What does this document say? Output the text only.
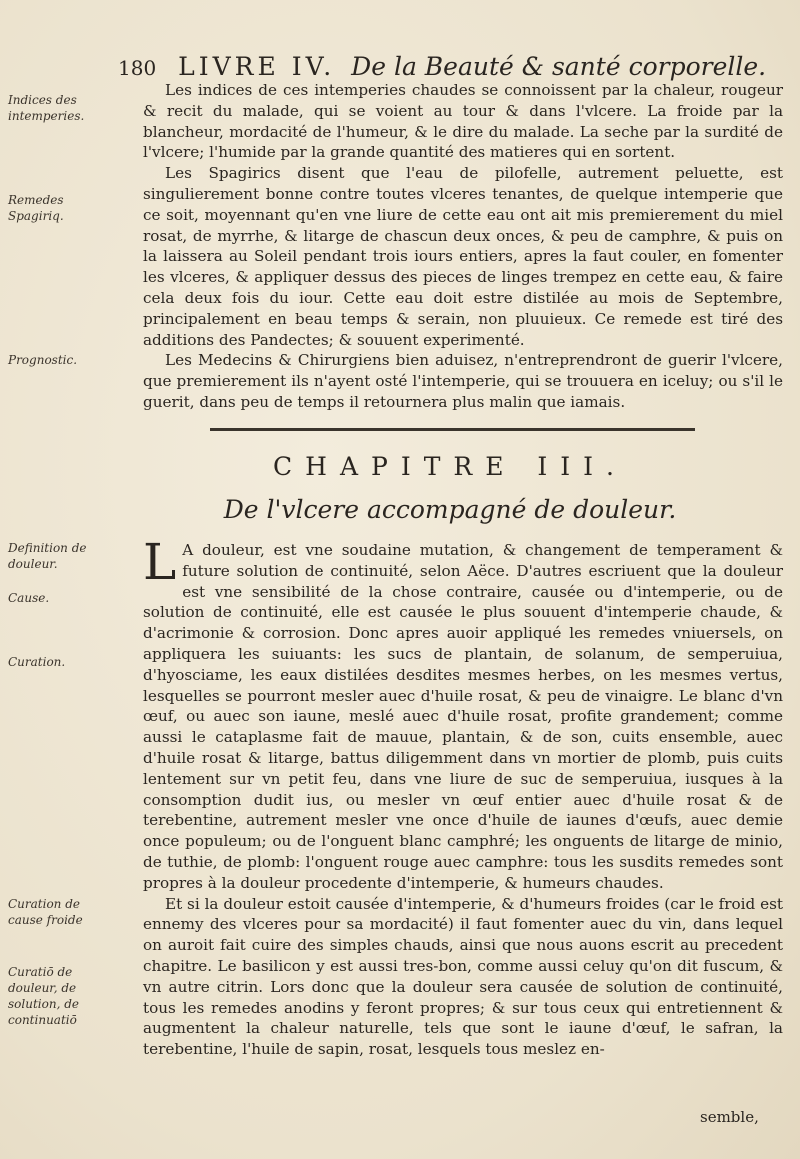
180 LIVRE IV. De la Beauté & santé corporelle.
Indices des intemperies.
Remedes Spagiriq.
Prognostic.

Les indices de ces intemperies chaudes se connoissent par la chaleur, rougeur & recit du malade, qui se voient au tour & dans l'vlcere. La froide par la blancheur, mordacité de l'humeur, & le dire du malade. La seche par la surdité de l'vlcere; l'humide par la grande quantité des matieres qui en sortent.

Les Spagirics disent que l'eau de pilofelle, autrement peluette, est singulierement bonne contre toutes vlceres tenantes, de quelque intemperie que ce soit, moyennant qu'en vne liure de cette eau ont ait mis premierement du miel rosat, de myrrhe, & litarge de chascun deux onces, & peu de camphre, & puis on la laissera au Soleil pendant trois iours entiers, apres la faut couler, en fomenter les vlceres, & appliquer dessus des pieces de linges trempez en cette eau, & faire cela deux fois du iour. Cette eau doit estre distilée au mois de Septembre, principalement en beau temps & serain, non pluuieux. Ce remede est tiré des additions des Pandectes; & souuent experimenté.

Les Medecins & Chirurgiens bien aduisez, n'entreprendront de guerir l'vlcere, que premierement ils n'ayent osté l'intemperie, qui se trouuera en iceluy; ou s'il le guerit, dans peu de temps il retournera plus malin que iamais.

CHAPITRE III.
De l'vlcere accompagné de douleur.
Definition de douleur.
Cause.
Curation.
Curation de cause froide
Curatiō de douleur, de solution, de continuatiō

L A douleur, est vne soudaine mutation, & changement de temperament & future solution de continuité, selon Aëce. D'autres escriuent que la douleur est vne sensibilité de la chose contraire, causée ou d'intemperie, ou de solution de continuité, elle est causée le plus souuent d'intemperie chaude, & d'acrimonie & corrosion. Donc apres auoir appliqué les remedes vniuersels, on appliquera les suiuants: les sucs de plantain, de solanum, de semperuiua, d'hyosciame, les eaux distilées desdites mesmes herbes, on les mesmes vertus, lesquelles se pourront mesler auec d'huile rosat, & peu de vinaigre. Le blanc d'vn œuf, ou auec son iaune, meslé auec d'huile rosat, profite grandement; comme aussi le cataplasme fait de mauue, plantain, & de son, cuits ensemble, auec d'huile rosat & litarge, battus diligemment dans vn mortier de plomb, puis cuits lentement sur vn petit feu, dans vne liure de suc de semperuiua, iusques à la consomption dudit ius, ou mesler vn œuf entier auec d'huile rosat & de terebentine, autrement mesler vne once d'huile de iaunes d'œufs, auec demie once populeum; ou de l'onguent blanc camphré; les onguents de litarge de minio, de tuthie, de plomb: l'onguent rouge auec camphre: tous les susdits remedes sont propres à la douleur procedente d'intemperie, & humeurs chaudes.

Et si la douleur estoit causée d'intemperie, & d'humeurs froides (car le froid est ennemy des vlceres pour sa mordacité) il faut fomenter auec du vin, dans lequel on auroit fait cuire des simples chauds, ainsi que nous auons escrit au precedent chapitre. Le basilicon y est aussi tres-bon, comme aussi celuy qu'on dit fuscum, & vn autre citrin. Lors donc que la douleur sera causée de solution de continuité, tous les remedes anodins y feront propres; & sur tous ceux qui entretiennent & augmentent la chaleur naturelle, tels que sont le iaune d'œuf, le safran, la terebentine, l'huile de sapin, rosat, lesquels tous meslez en-

semble,
